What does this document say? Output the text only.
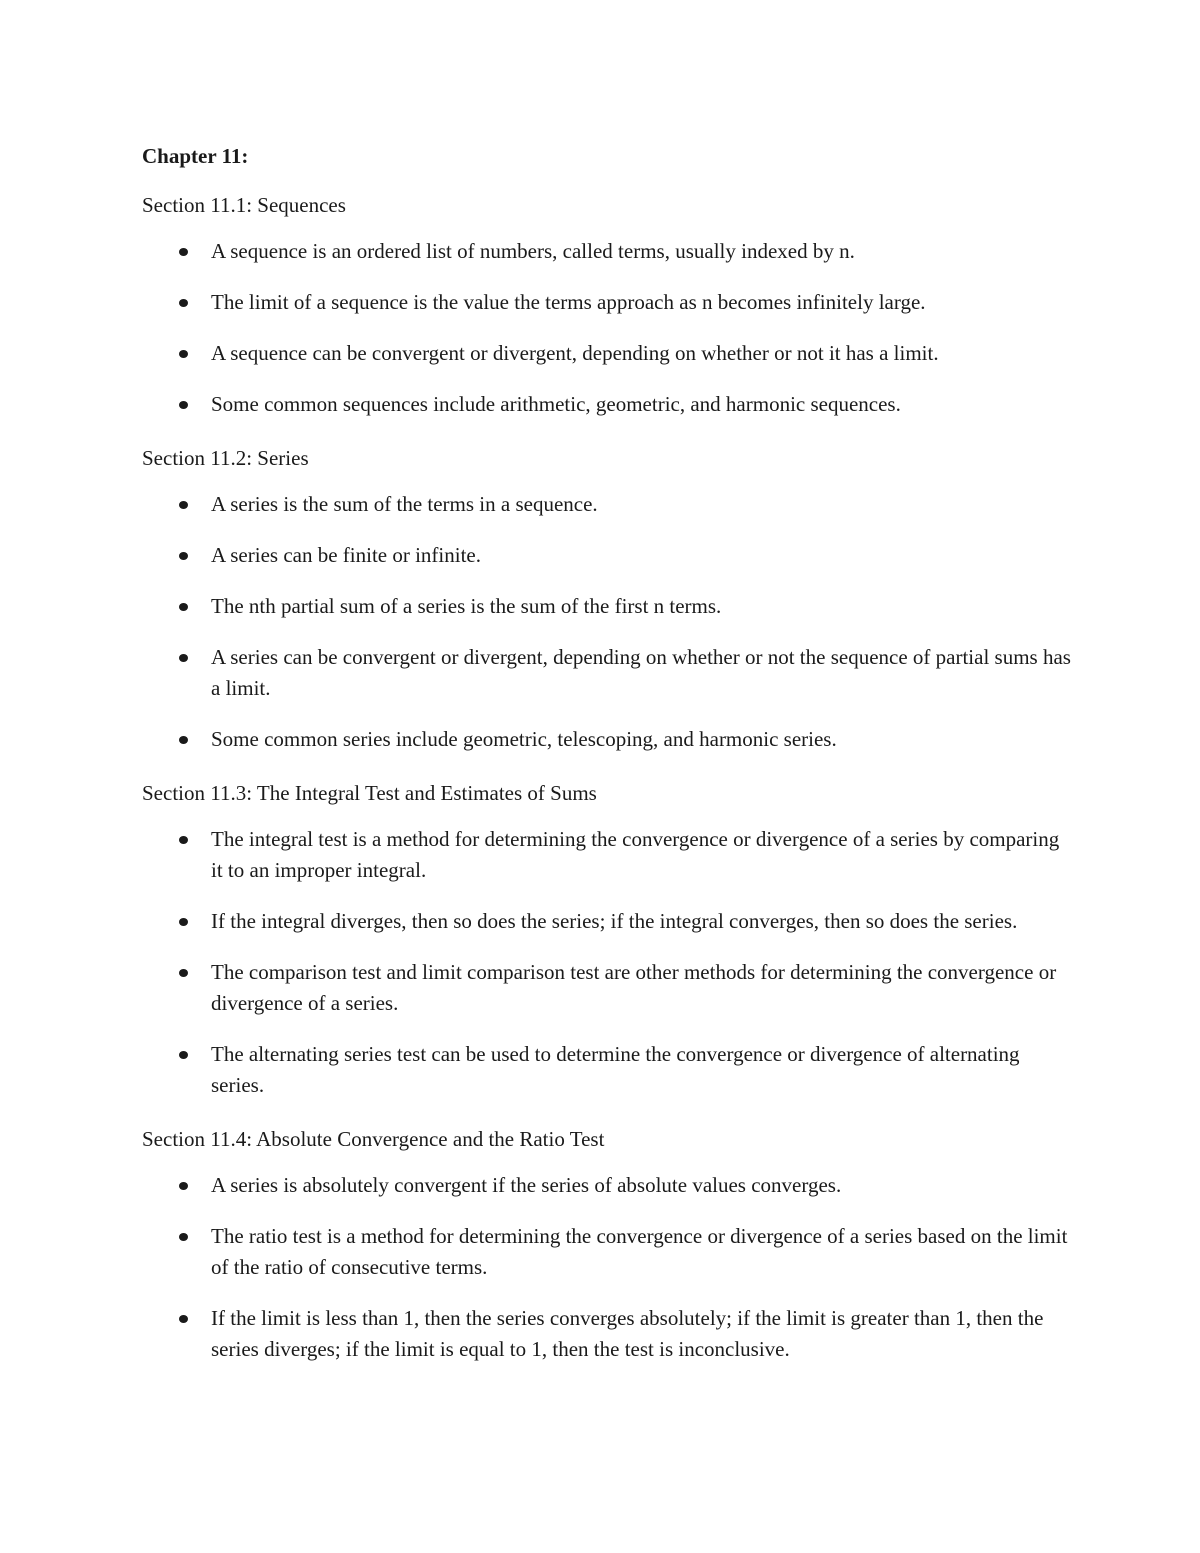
Chapter 11:
Section 11.1: Sequences
A sequence is an ordered list of numbers, called terms, usually indexed by n.
The limit of a sequence is the value the terms approach as n becomes infinitely large.
A sequence can be convergent or divergent, depending on whether or not it has a limit.
Some common sequences include arithmetic, geometric, and harmonic sequences.
Section 11.2: Series
A series is the sum of the terms in a sequence.
A series can be finite or infinite.
The nth partial sum of a series is the sum of the first n terms.
A series can be convergent or divergent, depending on whether or not the sequence of partial sums has a limit.
Some common series include geometric, telescoping, and harmonic series.
Section 11.3: The Integral Test and Estimates of Sums
The integral test is a method for determining the convergence or divergence of a series by comparing it to an improper integral.
If the integral diverges, then so does the series; if the integral converges, then so does the series.
The comparison test and limit comparison test are other methods for determining the convergence or divergence of a series.
The alternating series test can be used to determine the convergence or divergence of alternating series.
Section 11.4: Absolute Convergence and the Ratio Test
A series is absolutely convergent if the series of absolute values converges.
The ratio test is a method for determining the convergence or divergence of a series based on the limit of the ratio of consecutive terms.
If the limit is less than 1, then the series converges absolutely; if the limit is greater than 1, then the series diverges; if the limit is equal to 1, then the test is inconclusive.
